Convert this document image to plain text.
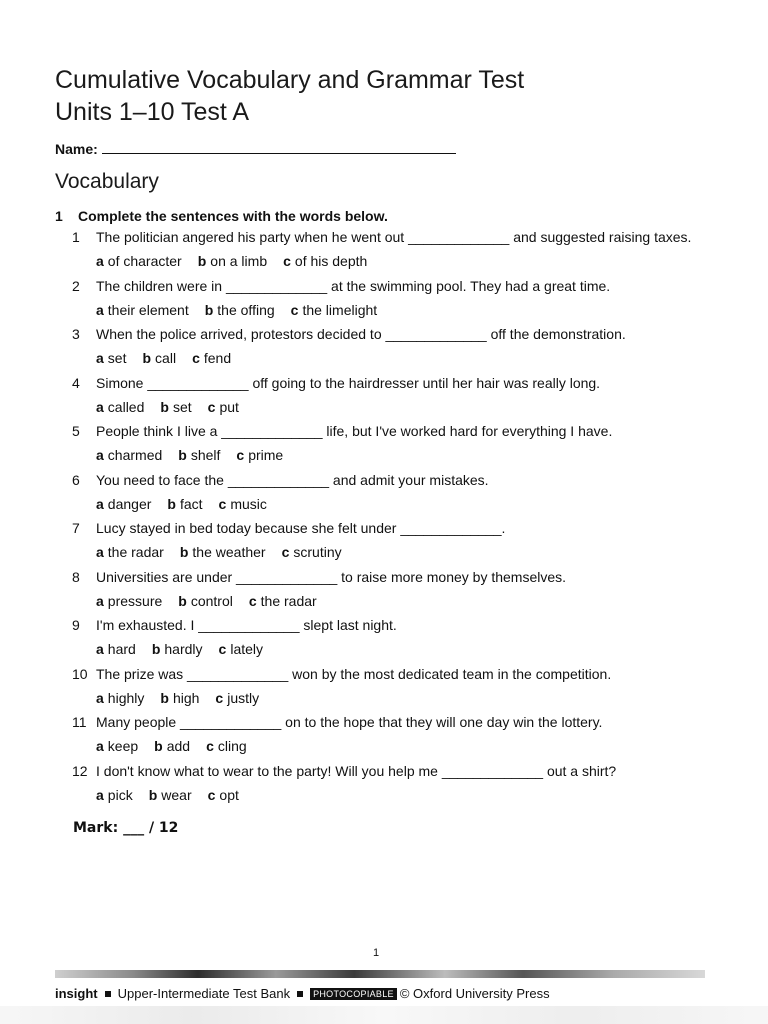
Cumulative Vocabulary and Grammar Test
Units 1–10 Test A
Name:
Vocabulary
1 Complete the sentences with the words below.
1 The politician angered his party when he went out _____________ and suggested raising taxes.
a of character b on a limb c of his depth
2 The children were in _____________ at the swimming pool. They had a great time.
a their element b the offing c the limelight
3 When the police arrived, protestors decided to _____________ off the demonstration.
a set b call c fend
4 Simone _____________ off going to the hairdresser until her hair was really long.
a called b set c put
5 People think I live a _____________ life, but I've worked hard for everything I have.
a charmed b shelf c prime
6 You need to face the _____________ and admit your mistakes.
a danger b fact c music
7 Lucy stayed in bed today because she felt under _____________.
a the radar b the weather c scrutiny
8 Universities are under _____________ to raise more money by themselves.
a pressure b control c the radar
9 I'm exhausted. I _____________ slept last night.
a hard b hardly c lately
10 The prize was _____________ won by the most dedicated team in the competition.
a highly b high c justly
11 Many people _____________ on to the hope that they will one day win the lottery.
a keep b add c cling
12 I don't know what to wear to the party! Will you help me _____________ out a shirt?
a pick b wear c opt
Mark: ___ / 12
1
insight Upper-Intermediate Test Bank	PHOTOCOPIABLE © Oxford University Press
